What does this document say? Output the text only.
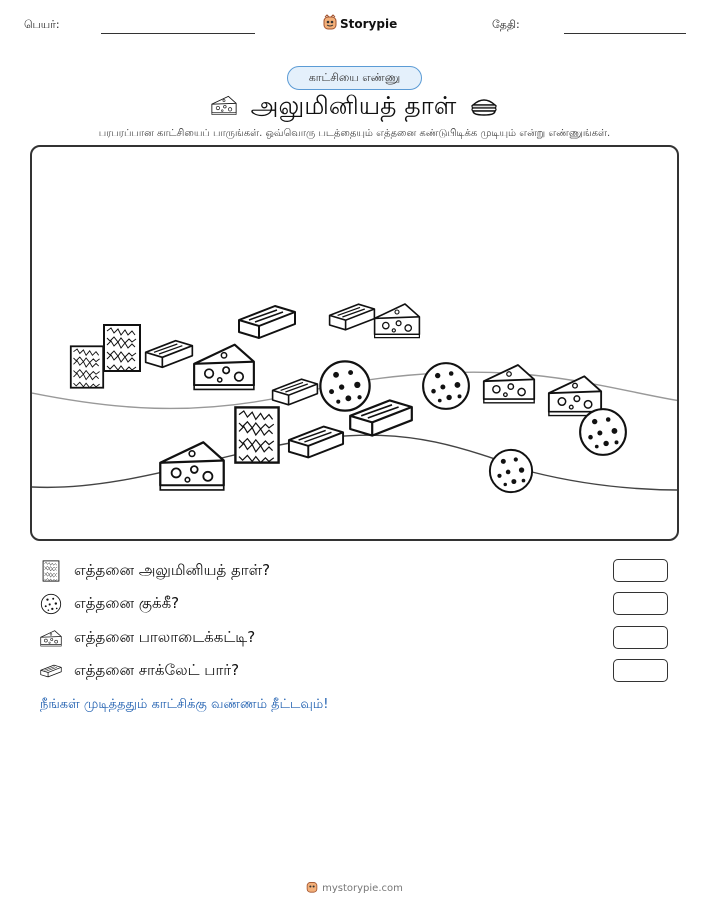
பெயர்:	Storypie	தேதி:
காட்சியை எண்ணு
அலுமினியத் தாள்
பரபரப்பான காட்சியைப் பாருங்கள். ஒவ்வொரு படத்தையும் எத்தனை கண்டுபிடிக்க முடியும் என்று எண்ணுங்கள்.
எத்தனை அலுமினியத் தாள்?
எத்தனை குக்கீ?
எத்தனை பாலாடைக்கட்டி?
எத்தனை சாக்லேட் பார்?
நீங்கள் முடித்ததும் காட்சிக்கு வண்ணம் தீட்டவும்!
mystorypie.com
